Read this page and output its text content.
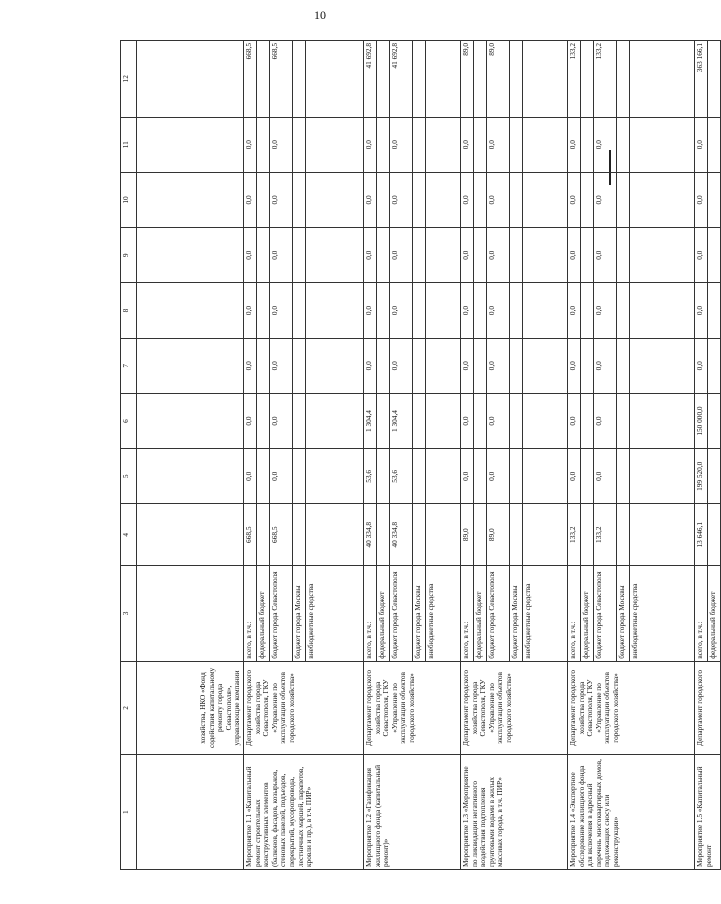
10
1	2	3	4	5	6	7	8	9	10	11	12
	хозяйства, НКО «Фонд содействия капитальному ремонту города Севастополя», управляющие компании										
Мероприятие 1.1 «Капитальный ремонт строительных конструктивных элементов (балконов, фасадов, козырьков, стеновых панелей, подъездов, перекрытий, мусоропровода, лестничных маршей, парапетов, кровли и пр.), в т.ч. ПИР»	Департамент городского хозяйства города Севастополя, ГКУ «Управление по эксплуатации объектов городского хозяйства»	всего, в т.ч.:	668,5	0,0	0,0	0,0	0,0	0,0	0,0	0,0	668,5
		федеральный бюджет									
		бюджет города Севастополя	668,5	0,0	0,0	0,0	0,0	0,0	0,0	0,0	668,5
		бюджет города Москвы									
		внебюджетные средства									
Мероприятие 1.2 «Газификация жилищного фонда (капитальный ремонт)»	Департамент городского хозяйства города Севастополя, ГКУ «Управление по эксплуатации объектов городского хозяйства»	всего, в т.ч.:	40 334,8	53,6	1 304,4	0,0	0,0	0,0	0,0	0,0	41 692,8
		федеральный бюджет									
		бюджет города Севастополя	40 334,8	53,6	1 304,4	0,0	0,0	0,0	0,0	0,0	41 692,8
		бюджет города Москвы									
		внебюджетные средства									
Мероприятие 1.3 «Мероприятие по ликвидации негативного воздействия подтопления грунтовыми водами в жилых массивах города, в т.ч. ПИР»	Департамент городского хозяйства города Севастополя, ГКУ «Управление по эксплуатации объектов городского хозяйства»	всего, в т.ч.:	89,0	0,0	0,0	0,0	0,0	0,0	0,0	0,0	89,0
		федеральный бюджет									
		бюджет города Севастополя	89,0	0,0	0,0	0,0	0,0	0,0	0,0	0,0	89,0
		бюджет города Москвы									
		внебюджетные средства									
Мероприятие 1.4 «Экспертное обследование жилищного фонда для включения в адресный перечень многоквартирных домов, подлежащих сносу или реконструкции»	Департамент городского хозяйства города Севастополя, ГКУ «Управление по эксплуатации объектов городского хозяйства»	всего, в т.ч.:	133,2	0,0	0,0	0,0	0,0	0,0	0,0	0,0	133,2
		федеральный бюджет									
		бюджет города Севастополя	133,2	0,0	0,0	0,0	0,0	0,0	0,0	0,0	133,2
		бюджет города Москвы									
		внебюджетные средства									
Мероприятие 1.5 «Капитальный ремонт	Департамент городского	всего, в т.ч.:	13 646,1	199 520,0	150 000,0	0,0	0,0	0,0	0,0	0,0	363 166,1
		федеральный бюджет									
